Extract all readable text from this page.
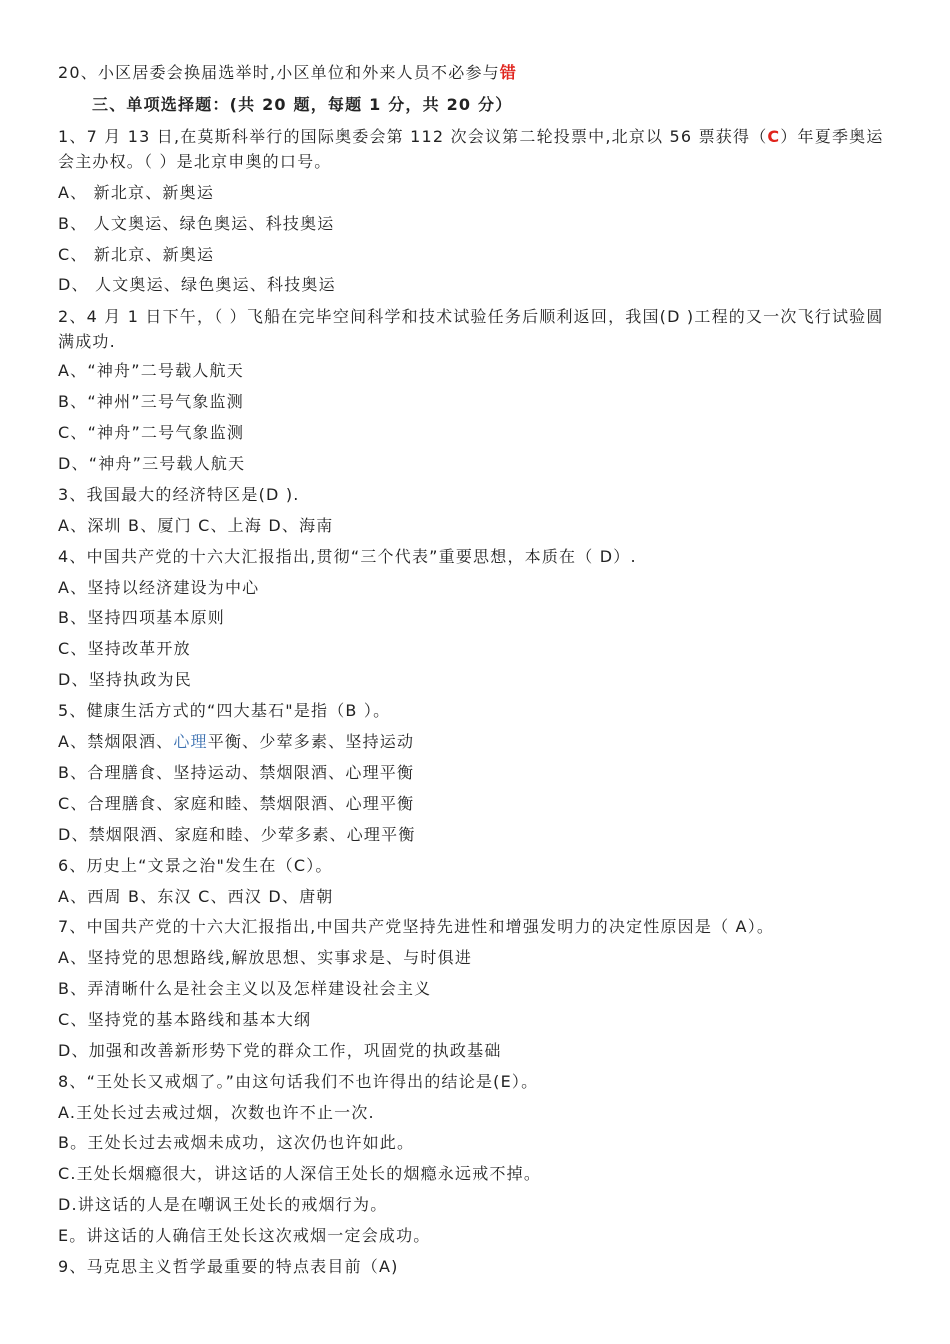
20、小区居委会换届选举时,小区单位和外来人员不必参与错
三、单项选择题：(共 20 题，每题 1 分，共 20 分）
1、7 月 13 日,在莫斯科举行的国际奥委会第 112 次会议第二轮投票中,北京以 56 票获得（C）年夏季奥运会主办权。（ ）是北京申奥的口号。
A、 新北京、新奥运
B、 人文奥运、绿色奥运、科技奥运
C、 新北京、新奥运
D、 人文奥运、绿色奥运、科技奥运
2、4 月 1 日下午，（ ）飞船在完毕空间科学和技术试验任务后顺利返回，我国(D )工程的又一次飞行试验圆满成功.
A、“神舟”二号载人航天
B、“神州”三号气象监测
C、“神舟”二号气象监测
D、“神舟”三号载人航天
3、我国最大的经济特区是(D ).
A、深圳 B、厦门 C、上海 D、海南
4、中国共产党的十六大汇报指出,贯彻“三个代表”重要思想，本质在（ D）.
A、坚持以经济建设为中心
B、坚持四项基本原则
C、坚持改革开放
D、坚持执政为民
5、健康生活方式的“四大基石"是指（B ）。
A、禁烟限酒、心理平衡、少荤多素、坚持运动
B、合理膳食、坚持运动、禁烟限酒、心理平衡
C、合理膳食、家庭和睦、禁烟限酒、心理平衡
D、禁烟限酒、家庭和睦、少荤多素、心理平衡
6、历史上“文景之治"发生在（C）。
A、西周 B、东汉 C、西汉 D、唐朝
7、中国共产党的十六大汇报指出,中国共产党坚持先进性和增强发明力的决定性原因是（ A）。
A、坚持党的思想路线,解放思想、实事求是、与时俱进
B、弄清晰什么是社会主义以及怎样建设社会主义
C、坚持党的基本路线和基本大纲
D、加强和改善新形势下党的群众工作，巩固党的执政基础
8、“王处长又戒烟了。”由这句话我们不也许得出的结论是(E）。
A.王处长过去戒过烟，次数也许不止一次.
B。王处长过去戒烟未成功，这次仍也许如此。
C.王处长烟瘾很大，讲这话的人深信王处长的烟瘾永远戒不掉。
D.讲这话的人是在嘲讽王处长的戒烟行为。
E。讲这话的人确信王处长这次戒烟一定会成功。
9、马克思主义哲学最重要的特点表目前（A)
